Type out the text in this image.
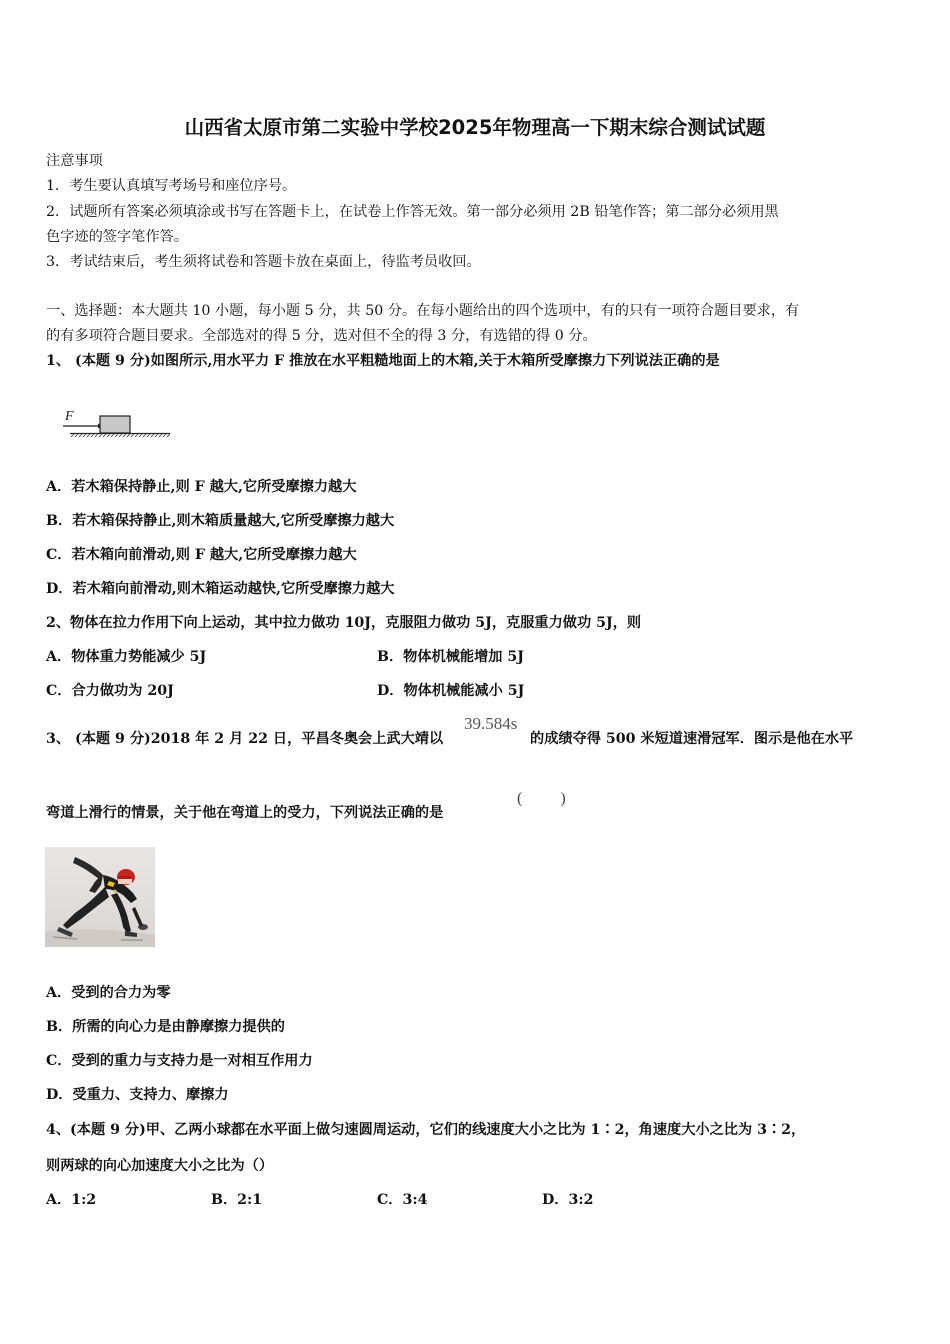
山西省太原市第二实验中学校2025年物理高一下期末综合测试试题
注意事项
1．考生要认真填写考场号和座位序号。
2．试题所有答案必须填涂或书写在答题卡上，在试卷上作答无效。第一部分必须用 2B 铅笔作答；第二部分必须用黑
色字迹的签字笔作答。
3．考试结束后，考生须将试卷和答题卡放在桌面上，待监考员收回。
一、选择题：本大题共 10 小题，每小题 5 分，共 50 分。在每小题给出的四个选项中，有的只有一项符合题目要求，有
的有多项符合题目要求。全部选对的得 5 分，选对但不全的得 3 分，有选错的得 0 分。
1、 (本题 9 分)如图所示,用水平力 F 推放在水平粗糙地面上的木箱,关于木箱所受摩擦力下列说法正确的是
F
A．若木箱保持静止,则 F 越大,它所受摩擦力越大
B．若木箱保持静止,则木箱质量越大,它所受摩擦力越大
C．若木箱向前滑动,则 F 越大,它所受摩擦力越大
D．若木箱向前滑动,则木箱运动越快,它所受摩擦力越大
2、物体在拉力作用下向上运动，其中拉力做功 10J，克服阻力做功 5J，克服重力做功 5J，则
A．物体重力势能减少 5J	B．物体机械能增加 5J
C．合力做功为 20J	D．物体机械能减小 5J
3、 (本题 9 分)2018 年 2 月 22 日，平昌冬奥会上武大靖以
39.584s
的成绩夺得 500 米短道速滑冠军．图示是他在水平
弯道上滑行的情景，关于他在弯道上的受力，下列说法正确的是
( )
A．受到的合力为零
B．所需的向心力是由静摩擦力提供的
C．受到的重力与支持力是一对相互作用力
D．受重力、支持力、摩擦力
4、(本题 9 分)甲、乙两小球都在水平面上做匀速圆周运动，它们的线速度大小之比为 1∶2，角速度大小之比为 3∶2，
则两球的向心加速度大小之比为（）
A．1:2	B．2:1	C．3:4	D．3:2
